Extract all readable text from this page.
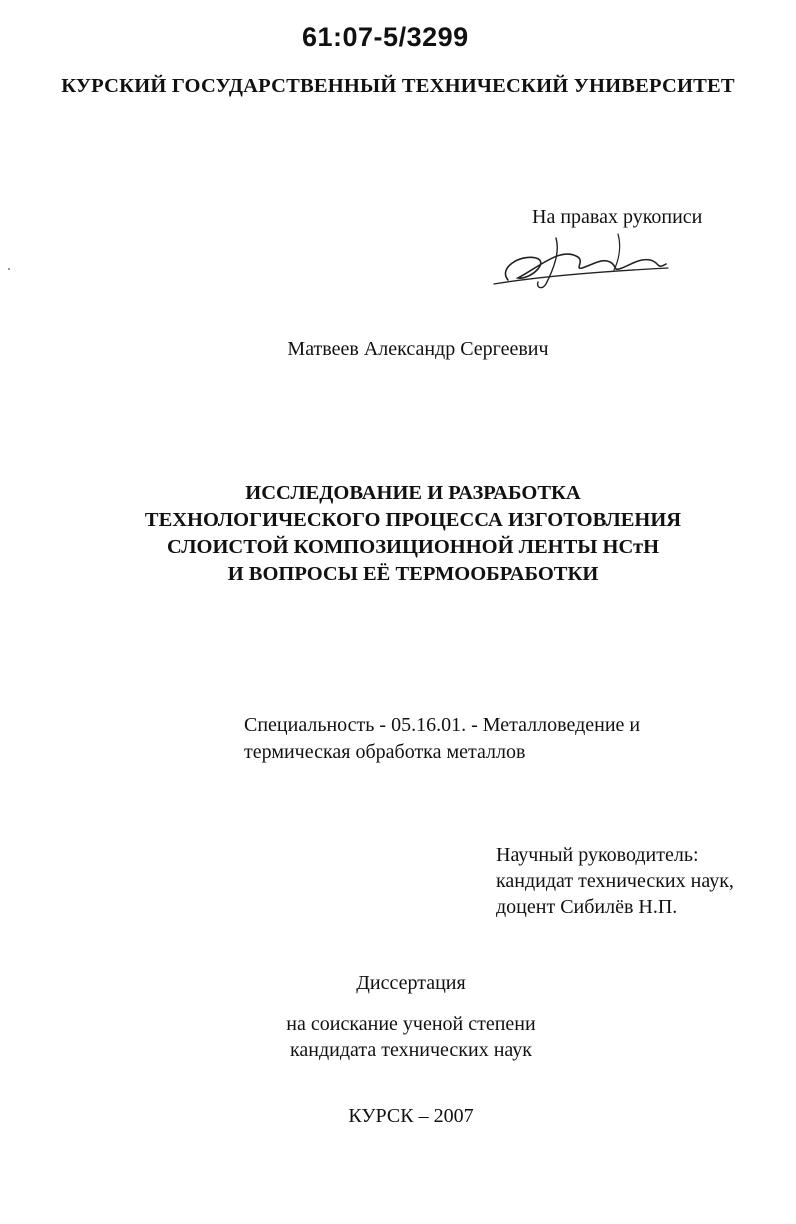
61:07-5/3299
КУРСКИЙ ГОСУДАРСТВЕННЫЙ ТЕХНИЧЕСКИЙ УНИВЕРСИТЕТ
На правах рукописи
Матвеев Александр Сергеевич
ИССЛЕДОВАНИЕ И РАЗРАБОТКА
ТЕХНОЛОГИЧЕСКОГО ПРОЦЕССА ИЗГОТОВЛЕНИЯ
СЛОИСТОЙ КОМПОЗИЦИОННОЙ ЛЕНТЫ НСтН
И ВОПРОСЫ ЕЁ ТЕРМООБРАБОТКИ
Специальность - 05.16.01. - Металловедение и
термическая обработка металлов
Научный руководитель:
кандидат технических наук,
доцент Сибилёв Н.П.
Диссертация
на соискание ученой степени
кандидата технических наук
КУРСК – 2007
